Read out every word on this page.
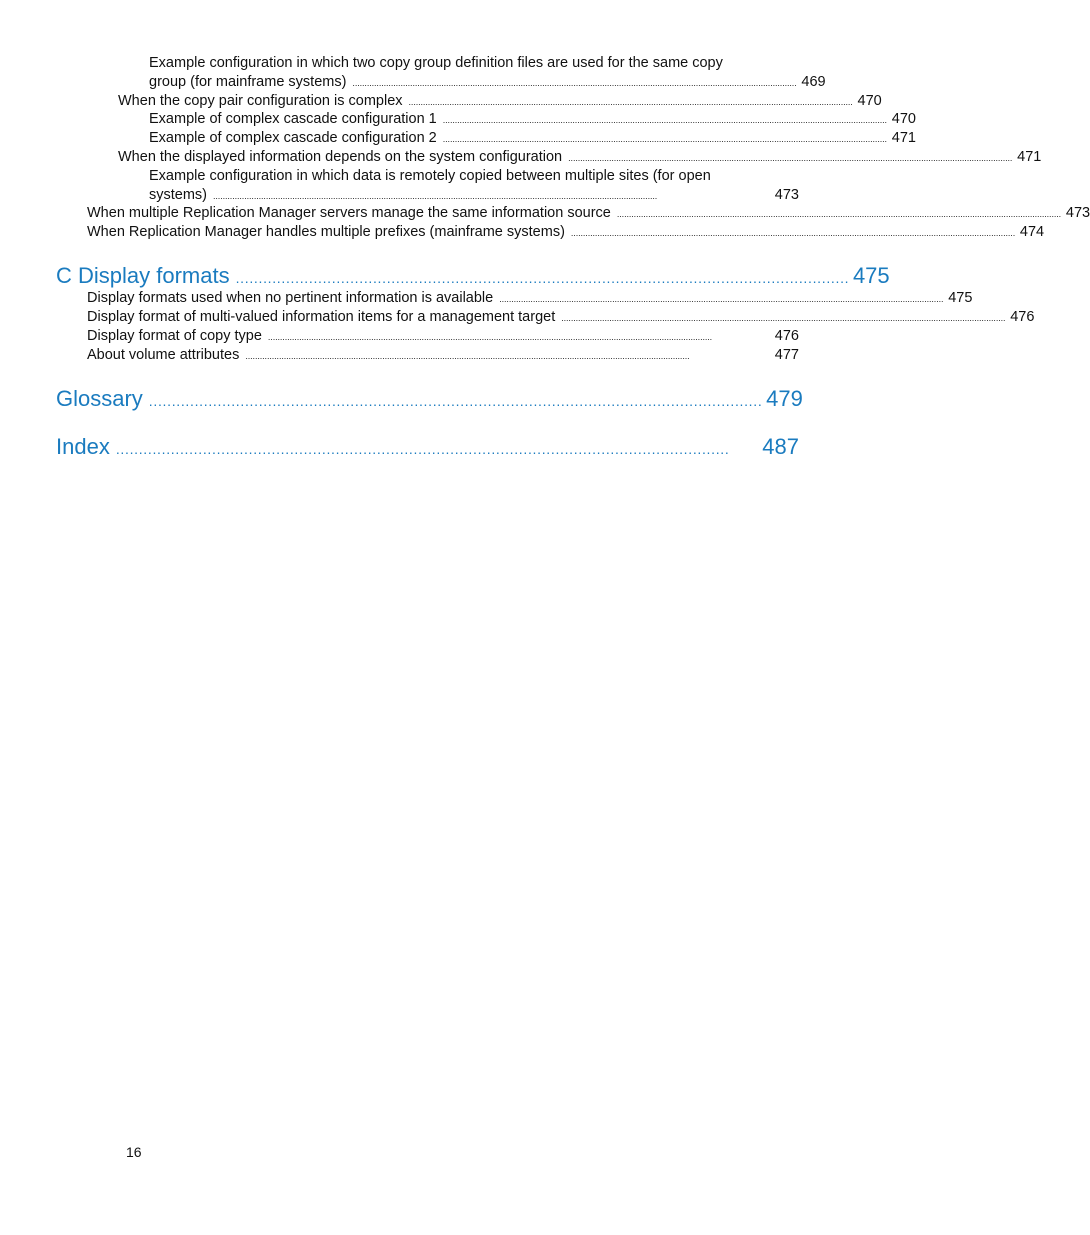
Example configuration in which two copy group definition files are used for the same copy
group (for mainframe systems) . . .	469
When the copy pair configuration is complex . . .	470
Example of complex cascade configuration 1 . . .	470
Example of complex cascade configuration 2 . . .	471
When the displayed information depends on the system configuration . . .	471
Example configuration in which data is remotely copied between multiple sites (for open
systems) . . .	473
When multiple Replication Manager servers manage the same information source . . .	473
When Replication Manager handles multiple prefixes (mainframe systems) . . .	474
C Display formats . . .	475
Display formats used when no pertinent information is available . . .	475
Display format of multi-valued information items for a management target . . .	476
Display format of copy type . . .	476
About volume attributes . . .	477
Glossary . . .	479
Index . . .	487
16
